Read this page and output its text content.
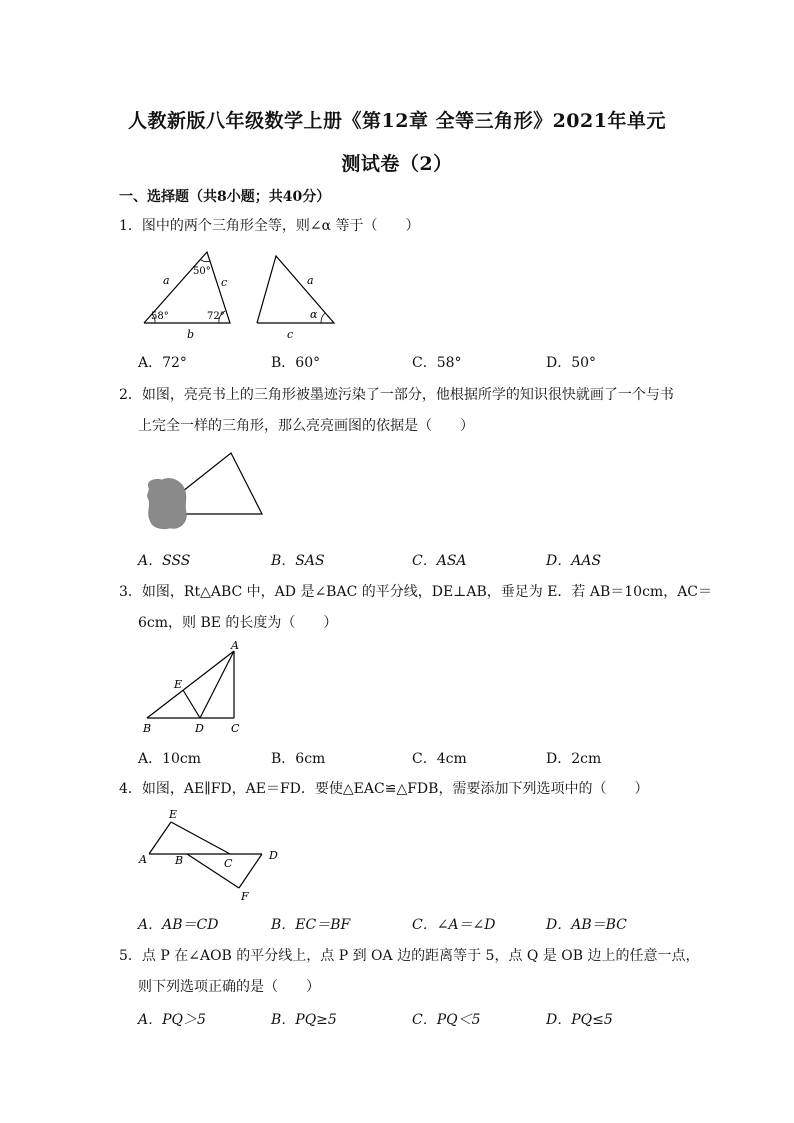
人教新版八年级数学上册《第12章 全等三角形》2021年单元
测试卷（2）
一、选择题（共8小题；共40分）
1．图中的两个三角形全等，则∠α 等于（　　）
a
b
c
50°
58°	72°
a
c
α
A．72°	B．60°	C．58°	D．50°
2．如图，亮亮书上的三角形被墨迹污染了一部分，他根据所学的知识很快就画了一个与书
上完全一样的三角形，那么亮亮画图的依据是（　　）
A．SSS	B．SAS	C．ASA	D．AAS
3．如图，Rt△ABC 中，AD 是∠BAC 的平分线，DE⊥AB，垂足为 E．若 AB＝10cm，AC＝
6cm，则 BE 的长度为（　　）
A
B	C
D
E
A．10cm	B．6cm	C．4cm	D．2cm
4．如图，AE∥FD，AE＝FD．要使△EAC≌△FDB，需要添加下列选项中的（　　）
E
A	B	C
D
F
A．AB＝CD	B．EC＝BF	C．∠A＝∠D	D．AB＝BC
5．点 P 在∠AOB 的平分线上，点 P 到 OA 边的距离等于 5，点 Q 是 OB 边上的任意一点，
则下列选项正确的是（　　）
A．PQ＞5	B．PQ≥5	C．PQ＜5	D．PQ≤5
